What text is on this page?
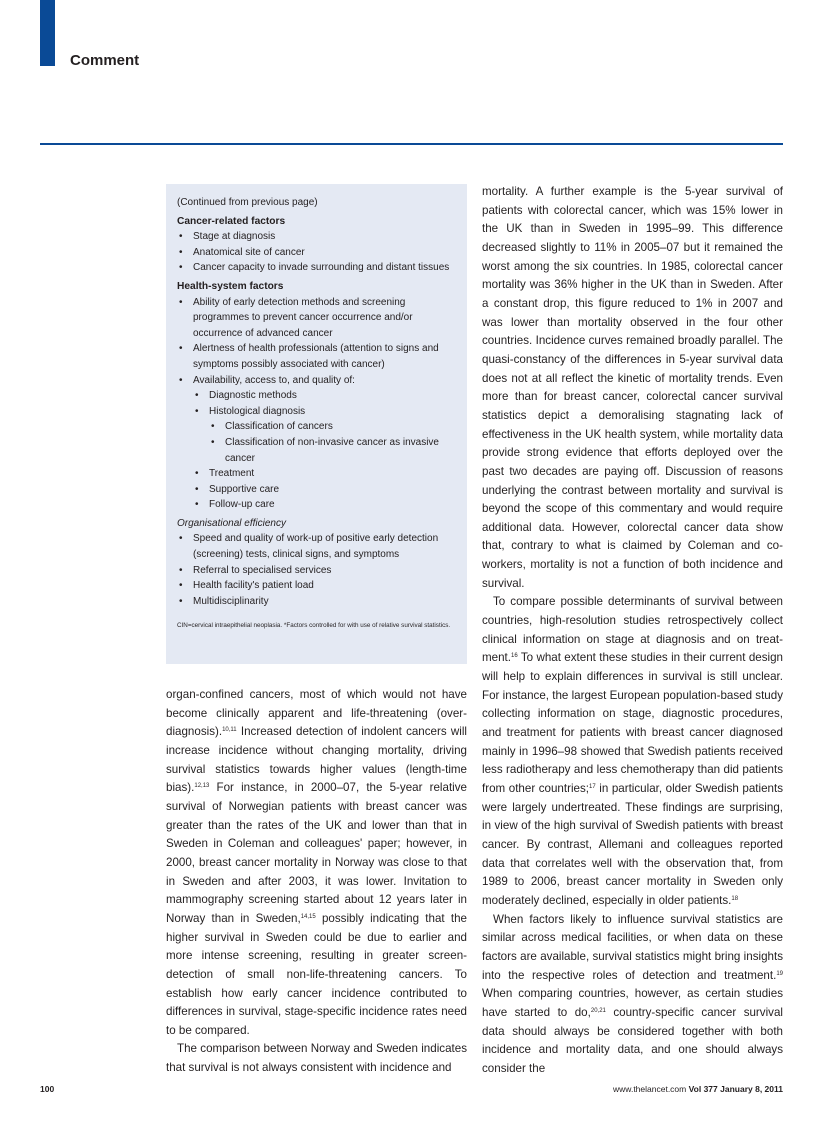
Comment
(Continued from previous page)
Cancer-related factors
• Stage at diagnosis
• Anatomical site of cancer
• Cancer capacity to invade surrounding and distant tissues
Health-system factors
• Ability of early detection methods and screening programmes to prevent cancer occurrence and/or occurrence of advanced cancer
• Alertness of health professionals (attention to signs and symptoms possibly associated with cancer)
• Availability, access to, and quality of:
• Diagnostic methods
• Histological diagnosis
• Classification of cancers
• Classification of non-invasive cancer as invasive cancer
• Treatment
• Supportive care
• Follow-up care
Organisational efficiency
• Speed and quality of work-up of positive early detection (screening) tests, clinical signs, and symptoms
• Referral to specialised services
• Health facility's patient load
• Multidisciplinarity
CIN=cervical intraepithelial neoplasia. *Factors controlled for with use of relative survival statistics.

organ-confined cancers, most of which would not have become clinically apparent and life-threatening (over-diagnosis).$^{10,11}$ Increased detection of indolent cancers will increase incidence without changing mortality, driving survival statistics towards higher values (length-time bias).$^{12,13}$ For instance, in 2000–07, the 5-year relative survival of Norwegian patients with breast cancer was greater than the rates of the UK and lower than that in Sweden in Coleman and colleagues' paper; however, in 2000, breast cancer mortality in Norway was close to that in Sweden and after 2003, it was lower. Invitation to mammography screening started about 12 years later in Norway than in Sweden,$^{14,15}$ possibly indicating that the higher survival in Sweden could be due to earlier and more intense screening, resulting in greater screen-detection of small non-life-threatening cancers. To establish how early cancer incidence contributed to differences in survival, stage-specific incidence rates need to be compared.

The comparison between Norway and Sweden indicates that survival is not always consistent with incidence and

mortality. A further example is the 5-year survival of patients with colorectal cancer, which was 15% lower in the UK than in Sweden in 1995–99. This difference decreased slightly to 11% in 2005–07 but it remained the worst among the six countries. In 1985, colorectal cancer mortality was 36% higher in the UK than in Sweden. After a constant drop, this figure reduced to 1% in 2007 and was lower than mortality observed in the four other countries. Incidence curves remained broadly parallel. The quasi-constancy of the differences in 5-year survival data does not at all reflect the kinetic of mortality trends. Even more than for breast cancer, colorectal cancer survival statistics depict a demoralising stagnating lack of effectiveness in the UK health system, while mortality data provide strong evidence that efforts deployed over the past two decades are paying off. Discussion of reasons underlying the contrast between mortality and survival is beyond the scope of this commentary and would require additional data. However, colorectal cancer data show that, contrary to what is claimed by Coleman and co-workers, mortality is not a function of both incidence and survival.

To compare possible determinants of survival between countries, high-resolution studies retrospectively collect clinical information on stage at diagnosis and on treat-ment.$^{16}$ To what extent these studies in their current design will help to explain differences in survival is still unclear. For instance, the largest European population-based study collecting information on stage, diagnostic procedures, and treatment for patients with breast cancer diagnosed mainly in 1996–98 showed that Swedish patients received less radiotherapy and less chemotherapy than did patients from other countries;$^{17}$ in particular, older Swedish patients were largely undertreated. These findings are surprising, in view of the high survival of Swedish patients with breast cancer. By contrast, Allemani and colleagues reported data that correlates well with the observation that, from 1989 to 2006, breast cancer mortality in Sweden only moderately declined, especially in older patients.$^{18}$

When factors likely to influence survival statistics are similar across medical facilities, or when data on these factors are available, survival statistics might bring insights into the respective roles of detection and treatment.$^{19}$ When comparing countries, however, as certain studies have started to do,$^{20,21}$ country-specific cancer survival data should always be considered together with both incidence and mortality data, and one should always consider the

100	www.thelancet.com Vol 377 January 8, 2011
